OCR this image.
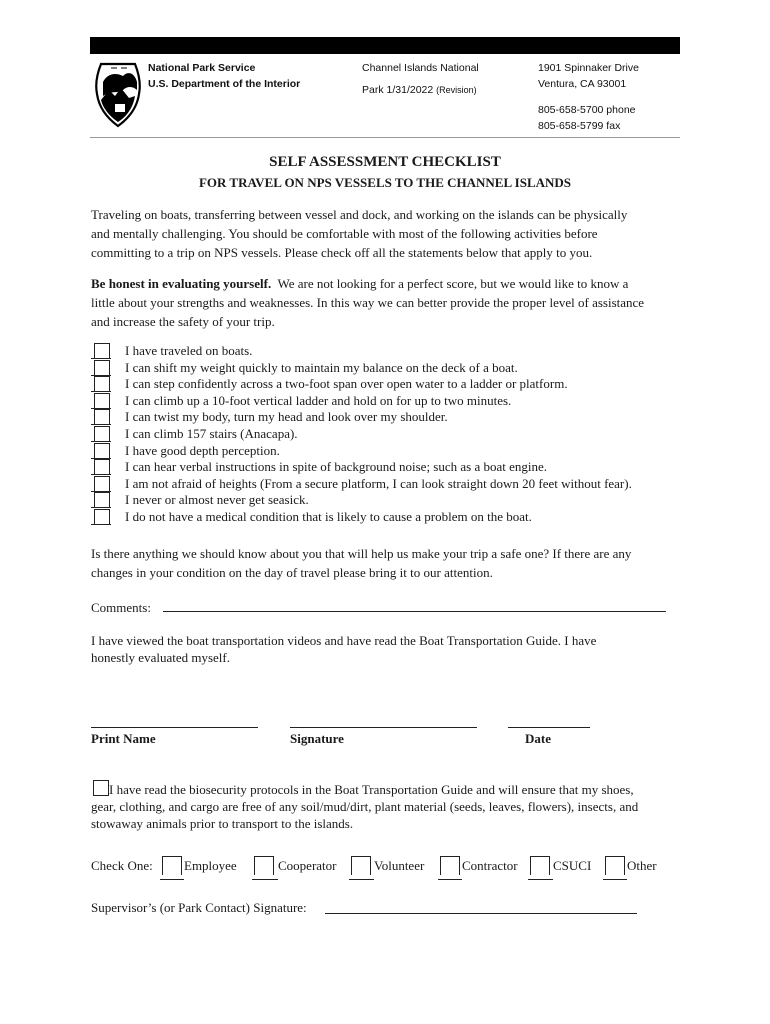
National Park Service
U.S. Department of the Interior
Channel Islands National

Park 1/31/2022 (Revision)
1901 Spinnaker Drive
Ventura, CA 93001

805-658-5700 phone
805-658-5799 fax
SELF ASSESSMENT CHECKLIST
FOR TRAVEL ON NPS VESSELS TO THE CHANNEL ISLANDS
Traveling on boats, transferring between vessel and dock, and working on the islands can be physically
and mentally challenging. You should be comfortable with most of the following activities before
committing to a trip on NPS vessels. Please check off all the statements below that apply to you.
Be honest in evaluating yourself.  We are not looking for a perfect score, but we would like to know a
little about your strengths and weaknesses. In this way we can better provide the proper level of assistance
and increase the safety of your trip.
I have traveled on boats.
I can shift my weight quickly to maintain my balance on the deck of a boat.
I can step confidently across a two-foot span over open water to a ladder or platform.
I can climb up a 10-foot vertical ladder and hold on for up to two minutes.
I can twist my body, turn my head and look over my shoulder.
I can climb 157 stairs (Anacapa).
I have good depth perception.
I can hear verbal instructions in spite of background noise; such as a boat engine.
I am not afraid of heights (From a secure platform, I can look straight down 20 feet without fear).
I never or almost never get seasick.
I do not have a medical condition that is likely to cause a problem on the boat.
Is there anything we should know about you that will help us make your trip a safe one? If there are any
changes in your condition on the day of travel please bring it to our attention.
Comments:
I have viewed the boat transportation videos and have read the Boat Transportation Guide. I have
honestly evaluated myself.
Print Name	Signature	Date
I have read the biosecurity protocols in the Boat Transportation Guide and will ensure that my shoes,
gear, clothing, and cargo are free of any soil/mud/dirt, plant material (seeds, leaves, flowers), insects, and
stowaway animals prior to transport to the islands.
Check One: Employee	Cooperator	Volunteer	Contractor	CSUCI	Other
Supervisor’s (or Park Contact) Signature:
